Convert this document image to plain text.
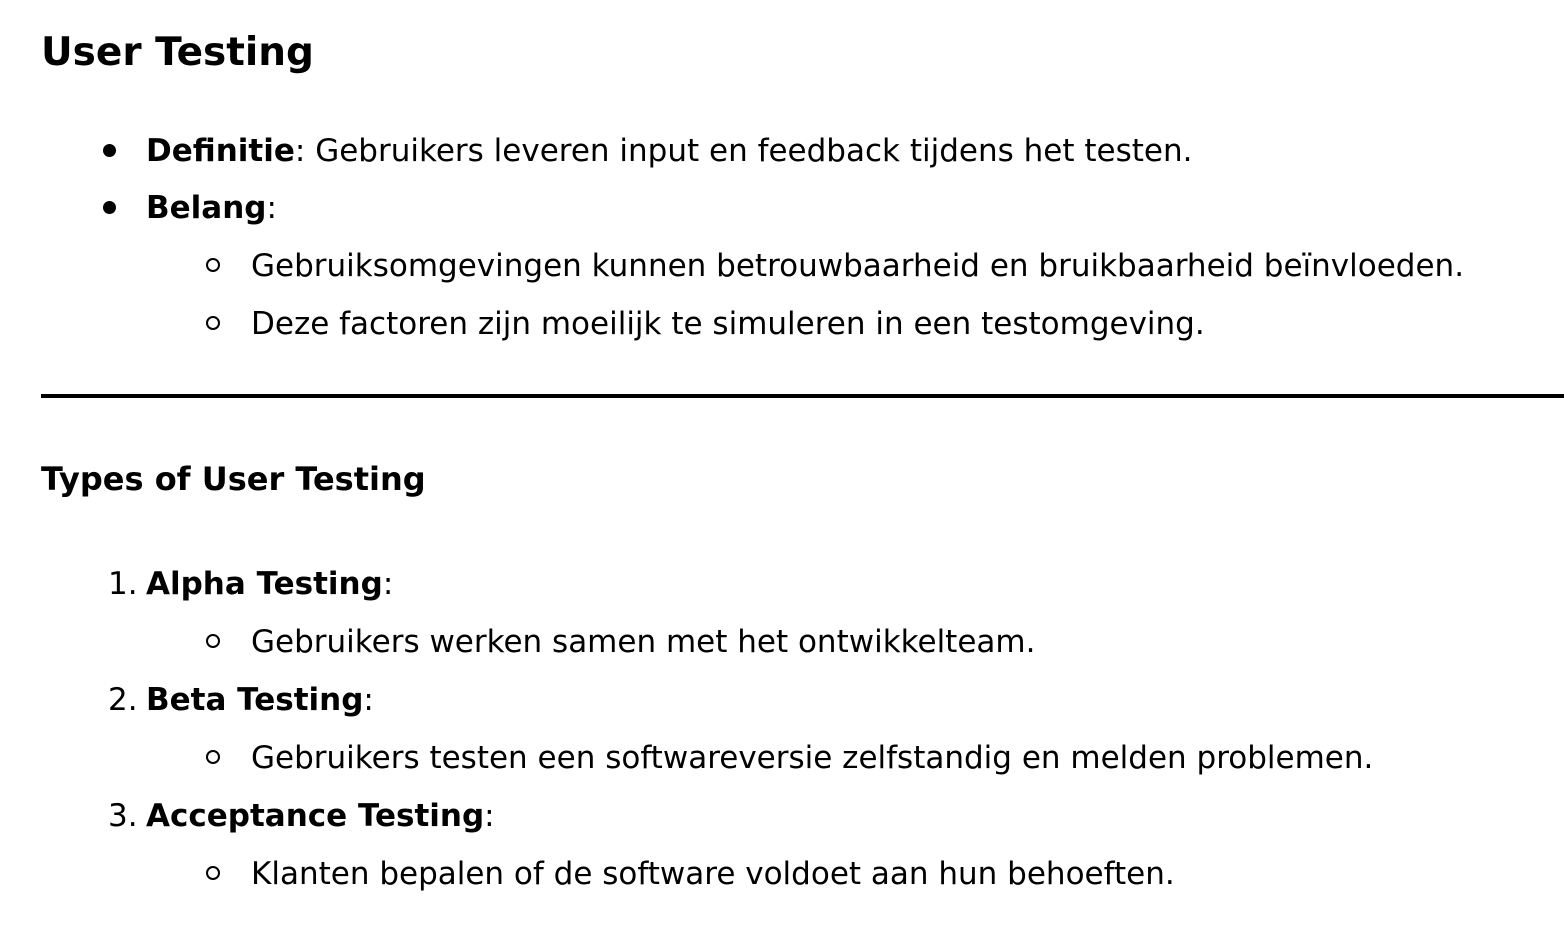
User Testing
Definitie: Gebruikers leveren input en feedback tijdens het testen.
Belang:
Gebruiksomgevingen kunnen betrouwbaarheid en bruikbaarheid beïnvloeden.
Deze factoren zijn moeilijk te simuleren in een testomgeving.
Types of User Testing
1. Alpha Testing:
Gebruikers werken samen met het ontwikkelteam.
2. Beta Testing:
Gebruikers testen een softwareversie zelfstandig en melden problemen.
3. Acceptance Testing:
Klanten bepalen of de software voldoet aan hun behoeften.
